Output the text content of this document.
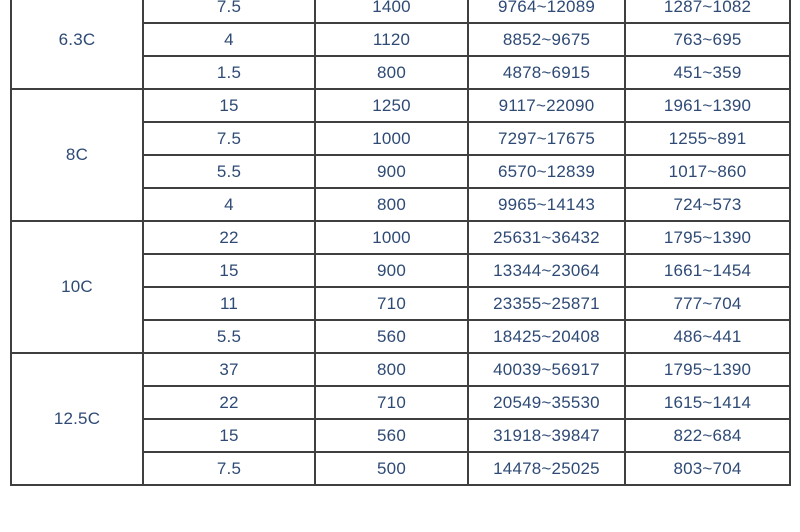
6.3C	7.5	1400	9764~12089	1287~1082
	4	1120	8852~9675	763~695
	1.5	800	4878~6915	451~359
8C	15	1250	9117~22090	1961~1390
	7.5	1000	7297~17675	1255~891
	5.5	900	6570~12839	1017~860
	4	800	9965~14143	724~573
10C	22	1000	25631~36432	1795~1390
	15	900	13344~23064	1661~1454
	11	710	23355~25871	777~704
	5.5	560	18425~20408	486~441
12.5C	37	800	40039~56917	1795~1390
	22	710	20549~35530	1615~1414
	15	560	31918~39847	822~684
	7.5	500	14478~25025	803~704
